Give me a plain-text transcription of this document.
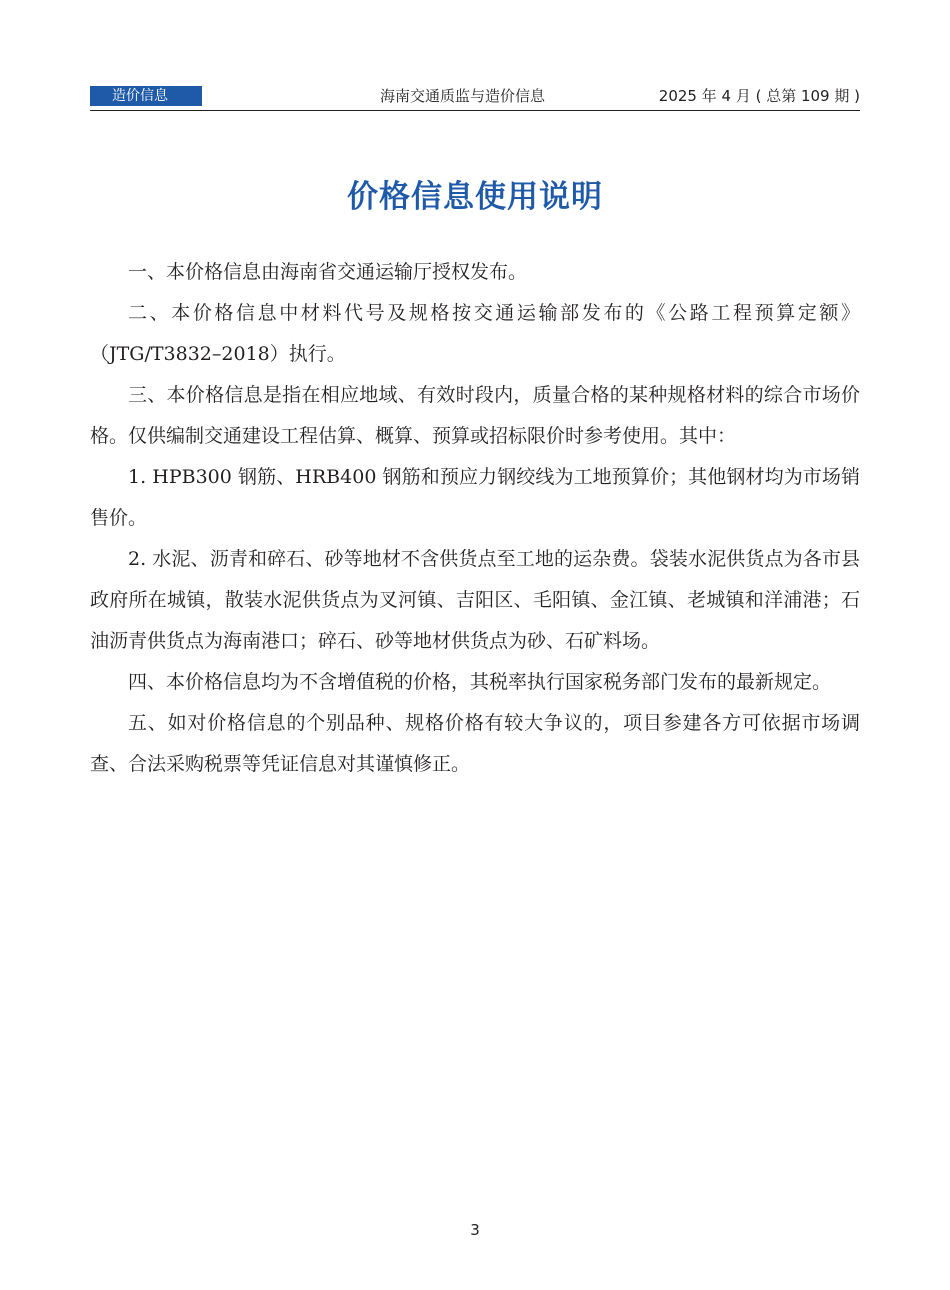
造价信息	海南交通质监与造价信息	2025 年 4 月 ( 总第 109 期 )
价格信息使用说明

一、本价格信息由海南省交通运输厅授权发布。

二、本价格信息中材料代号及规格按交通运输部发布的《公路工程预算定额》（JTG/T3832–2018）执行。

三、本价格信息是指在相应地域、有效时段内，质量合格的某种规格材料的综合市场价格。仅供编制交通建设工程估算、概算、预算或招标限价时参考使用。其中：

1. HPB300 钢筋、HRB400 钢筋和预应力钢绞线为工地预算价；其他钢材均为市场销售价。

2. 水泥、沥青和碎石、砂等地材不含供货点至工地的运杂费。袋装水泥供货点为各市县政府所在城镇，散装水泥供货点为叉河镇、吉阳区、毛阳镇、金江镇、老城镇和洋浦港；石油沥青供货点为海南港口；碎石、砂等地材供货点为砂、石矿料场。

四、本价格信息均为不含增值税的价格，其税率执行国家税务部门发布的最新规定。

五、如对价格信息的个别品种、规格价格有较大争议的，项目参建各方可依据市场调查、合法采购税票等凭证信息对其谨慎修正。

3
